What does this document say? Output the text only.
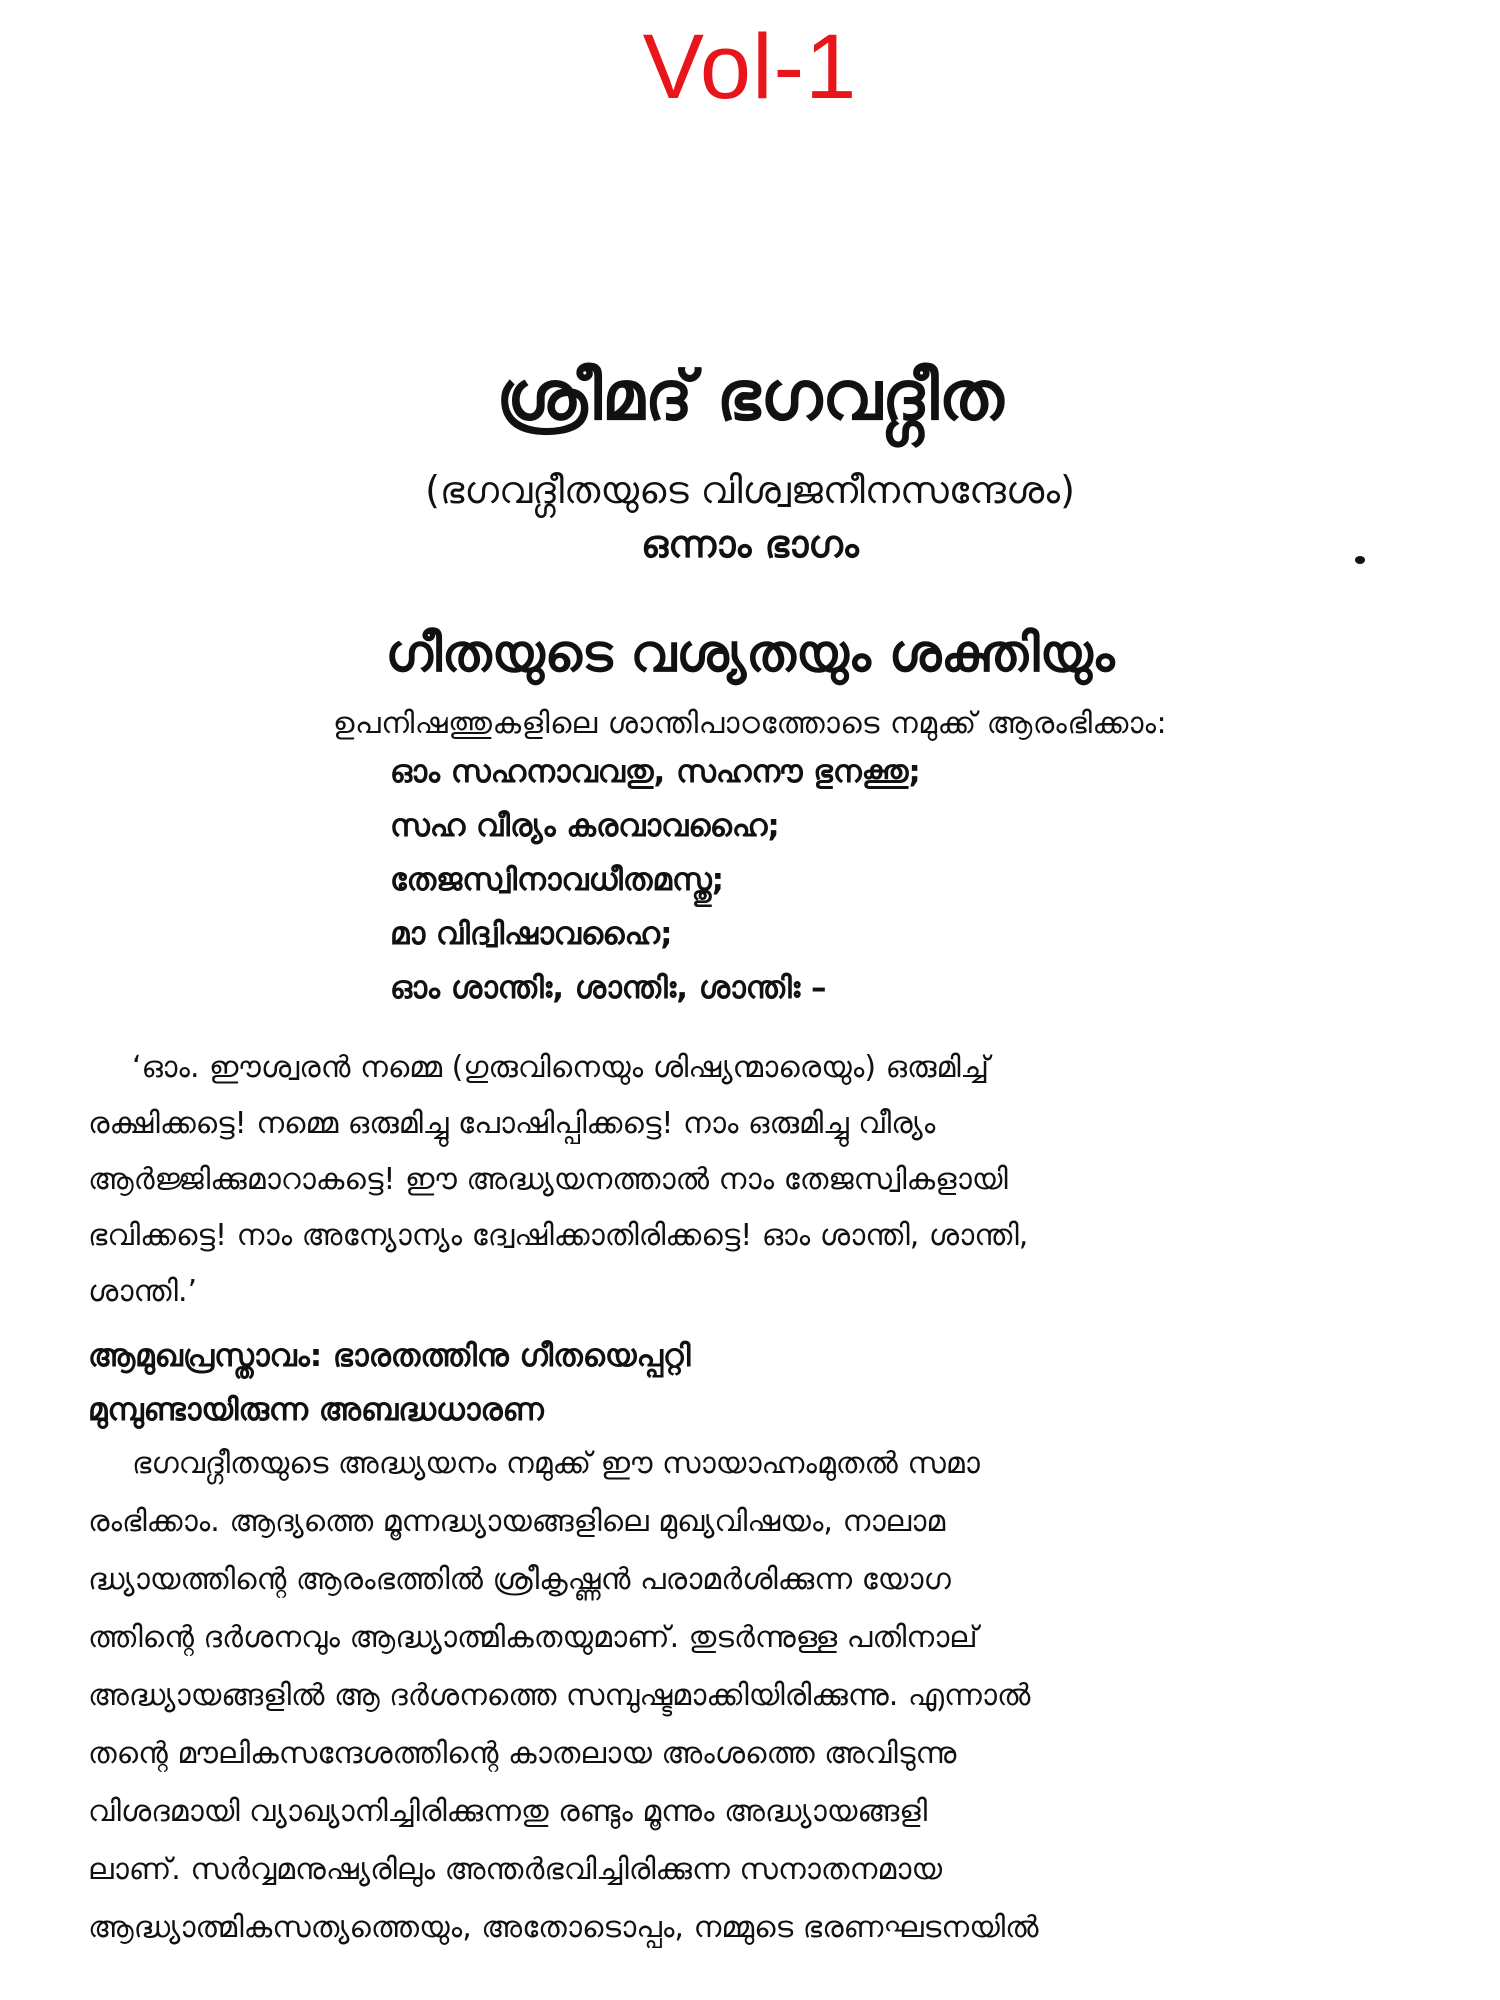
Vol-1
ശ്രീമദ് ഭഗവദ്ഗീത
(ഭഗവദ്ഗീതയുടെ വിശ്വജനീനസന്ദേശം)
ഒന്നാം ഭാഗം
ഗീതയുടെ വശ്യതയും ശക്തിയും
ഉപനിഷത്തുകളിലെ ശാന്തിപാഠത്തോടെ നമുക്ക് ആരംഭിക്കാം:
ഓം സഹനാവവതു, സഹനൗ ഭുനക്തു;
സഹ വീര്യം കരവാവഹൈ;
തേജസ്വിനാവധീതമസ്തു;
മാ വിദ്വിഷാവഹൈ;
ഓം ശാന്തിഃ, ശാന്തിഃ, ശാന്തിഃ –
‘ഓം. ഈശ്വരൻ നമ്മെ (ഗുരുവിനെയും ശിഷ്യന്മാരെയും) ഒരുമിച്ച്
രക്ഷിക്കട്ടെ! നമ്മെ ഒരുമിച്ചു പോഷിപ്പിക്കട്ടെ! നാം ഒരുമിച്ചു വീര്യം
ആർജ്ജിക്കുമാറാകട്ടെ! ഈ അദ്ധ്യയനത്താൽ നാം തേജസ്വികളായി
ഭവിക്കട്ടെ! നാം അന്യോന്യം ദ്വേഷിക്കാതിരിക്കട്ടെ! ഓം ശാന്തി, ശാന്തി,
ശാന്തി.’
ആമുഖപ്രസ്താവം: ഭാരതത്തിനു ഗീതയെപ്പറ്റി
മുമ്പുണ്ടായിരുന്ന അബദ്ധധാരണ
ഭഗവദ്ഗീതയുടെ അദ്ധ്യയനം നമുക്ക് ഈ സായാഹ്നംമുതൽ സമാ
രംഭിക്കാം. ആദ്യത്തെ മൂന്നദ്ധ്യായങ്ങളിലെ മുഖ്യവിഷയം, നാലാമ
ദ്ധ്യായത്തിന്റെ ആരംഭത്തിൽ ശ്രീകൃഷ്ണൻ പരാമർശിക്കുന്ന യോഗ
ത്തിന്റെ ദർശനവും ആദ്ധ്യാത്മികതയുമാണ്. തുടർന്നുള്ള പതിനാല്
അദ്ധ്യായങ്ങളിൽ ആ ദർശനത്തെ സമ്പുഷ്ടമാക്കിയിരിക്കുന്നു. എന്നാൽ
തന്റെ മൗലികസന്ദേശത്തിന്റെ കാതലായ അംശത്തെ അവിടുന്നു
വിശദമായി വ്യാഖ്യാനിച്ചിരിക്കുന്നതു രണ്ടും മൂന്നും അദ്ധ്യായങ്ങളി
ലാണ്. സർവ്വമനുഷ്യരിലും അന്തർഭവിച്ചിരിക്കുന്ന സനാതനമായ
ആദ്ധ്യാത്മികസത്യത്തെയും, അതോടൊപ്പം, നമ്മുടെ ഭരണഘടനയിൽ
